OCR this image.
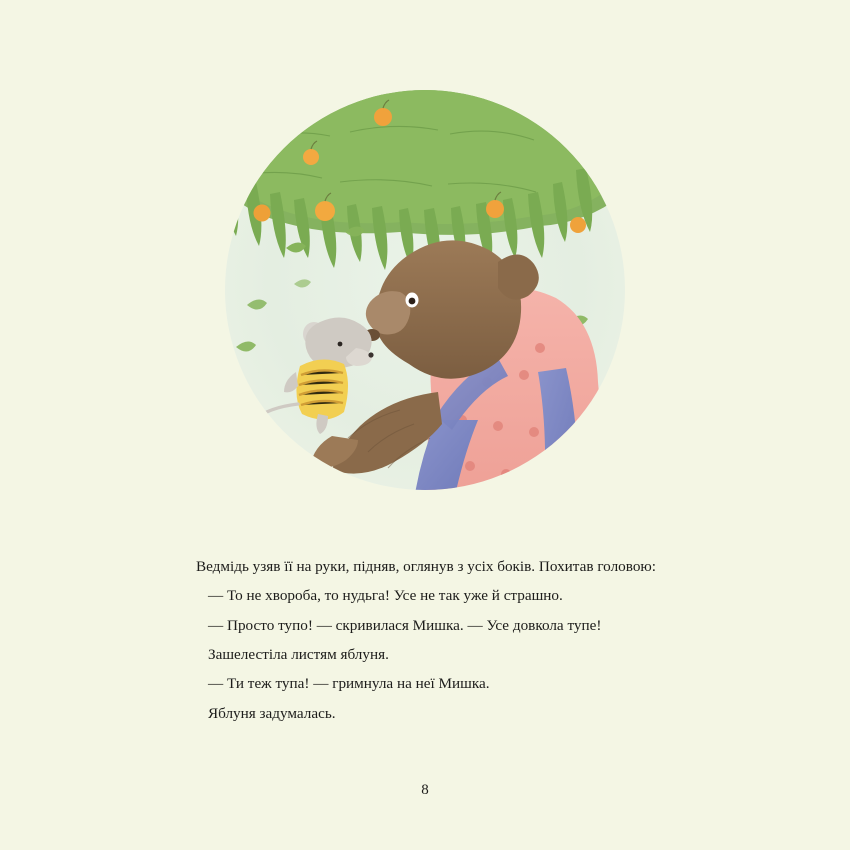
Ведмідь узяв її на руки, підняв, оглянув з усіх боків. Похитав головою:

— То не хвороба, то нудьга! Усе не так уже й страшно.

— Просто тупо! — скривилася Мишка. — Усе довкола тупе! Зашелестіла листям яблуня.

— Ти теж тупа! — гримнула на неї Мишка.

Яблуня задумалась.

8
